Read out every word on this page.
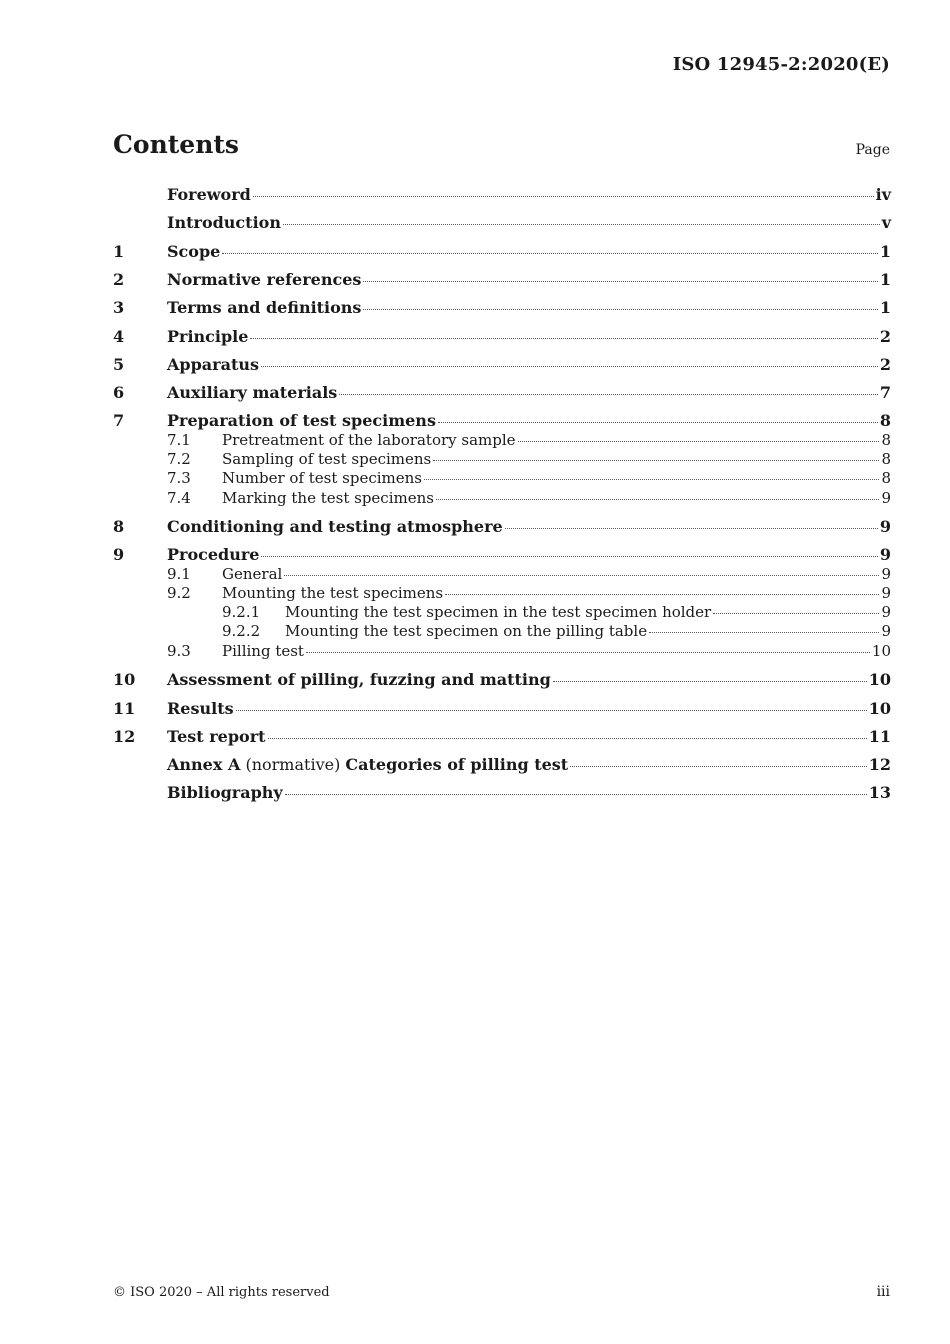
ISO 12945-2:2020(E)
Contents	Page
Foreword	iv
Introduction	v
1	Scope	1
2	Normative references	1
3	Terms and definitions	1
4	Principle	2
5	Apparatus	2
6	Auxiliary materials	7
7	Preparation of test specimens	8
7.1	Pretreatment of the laboratory sample	8
7.2	Sampling of test specimens	8
7.3	Number of test specimens	8
7.4	Marking the test specimens	9
8	Conditioning and testing atmosphere	9
9	Procedure	9
9.1	General	9
9.2	Mounting the test specimens	9
9.2.1	Mounting the test specimen in the test specimen holder	9
9.2.2	Mounting the test specimen on the pilling table	9
9.3	Pilling test	10
10	Assessment of pilling, fuzzing and matting	10
11	Results	10
12	Test report	11
Annex A (normative) Categories of pilling test	12
Bibliography	13
© ISO 2020 – All rights reserved	iii
